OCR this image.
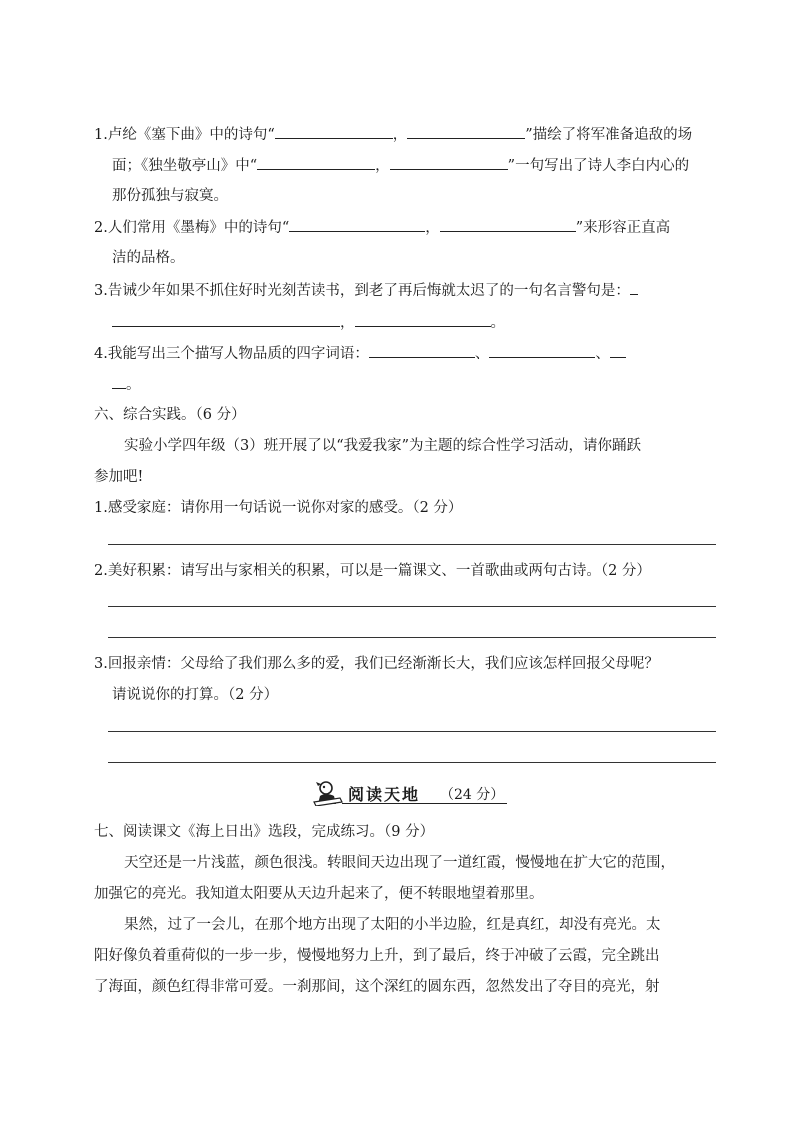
1.卢纶《塞下曲》中的诗句“	，	”描绘了将军准备追敌的场
面；《独坐敬亭山》中“	，	”一句写出了诗人李白内心的
那份孤独与寂寞。
2.人们常用《墨梅》中的诗句“	，	”来形容正直高
洁的品格。
3.告诫少年如果不抓住好时光刻苦读书，到老了再后悔就太迟了的一句名言警句是：
，	。
4.我能写出三个描写人物品质的四字词语：	、	、
。
六、综合实践。（6 分）
实验小学四年级（3）班开展了以“我爱我家”为主题的综合性学习活动，请你踊跃
参加吧!
1.感受家庭：请你用一句话说一说你对家的感受。（2 分）
2.美好积累：请写出与家相关的积累，可以是一篇课文、一首歌曲或两句古诗。（2 分）
3.回报亲情：父母给了我们那么多的爱，我们已经渐渐长大，我们应该怎样回报父母呢？
请说说你的打算。（2 分）
阅读天地 （24 分）
七、阅读课文《海上日出》选段，完成练习。（9 分）
天空还是一片浅蓝，颜色很浅。转眼间天边出现了一道红霞，慢慢地在扩大它的范围，
加强它的亮光。我知道太阳要从天边升起来了，便不转眼地望着那里。
果然，过了一会儿，在那个地方出现了太阳的小半边脸，红是真红，却没有亮光。太
阳好像负着重荷似的一步一步，慢慢地努力上升，到了最后，终于冲破了云霞，完全跳出
了海面，颜色红得非常可爱。一刹那间，这个深红的圆东西，忽然发出了夺目的亮光，射
